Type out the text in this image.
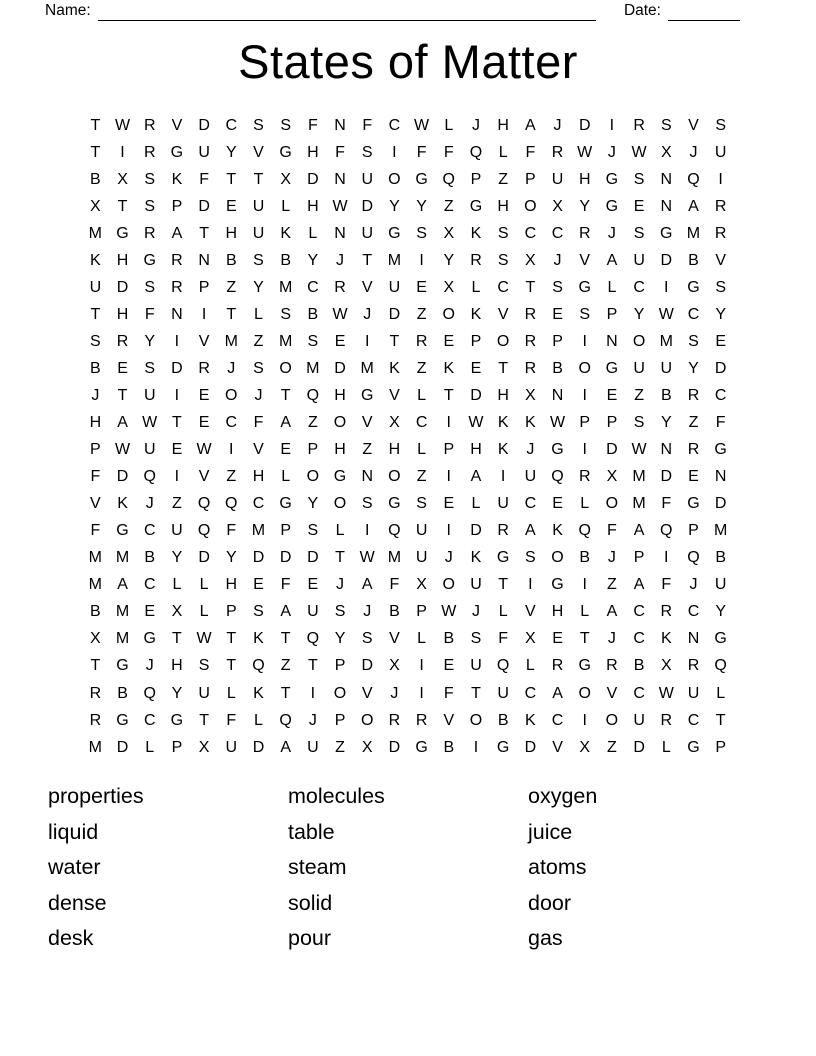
Name:	Date:
States of Matter
T W R	V	D C	S	S	F	N	F	C W L	J	H	A	J	D	I	R	S	V	S
T	I	R G U	Y	V G H	F	S	I	F	F	Q	L	F	R W J W X	J	U
B	X	S	K	F	T	T	X	D N U O G Q P	Z	P	U H G S	N Q	I
X	T	S	P	D	E	U	L	H W D	Y	Y	Z	G H O X	Y G E	N	A	R
M G R	A	T	H U	K	L	N U G S	X	K	S	C C R	J	S G M R
K	H G R N	B	S	B	Y	J	T M	I	Y	R	S	X	J	V	A	U D	B	V
U D	S	R	P	Z	Y M C R	V	U	E	X	L	C	T	S G	L	C	I	G S
T	H	F	N	I	T	L	S	B W J	D	Z	O K	V	R	E	S	P	Y W C	Y
S	R	Y	I	V M Z M S	E	I	T	R	E	P O R	P	I	N O M S	E
B	E	S	D R	J	S O M D M K	Z	K	E	T	R	B O G U U	Y	D
J	T	U	I	E O	J	T	Q H G V	L	T	D H	X	N	I	E	Z	B	R C
H	A W T	E	C	F	A	Z	O V	X	C	I	W K	K W P	P	S	Y	Z	F
P W U	E W	I	V	E	P	H	Z	H	L	P	H	K	J	G	I	D W N R G
F	D Q	I	V	Z	H	L	O G N O	Z	I	A	I	U Q R	X M D	E	N
V	K	J	Z	Q Q C G Y O S G S	E	L	U C	E	L	O M F	G D
F	G C U Q	F M P	S	L	I	Q U	I	D R	A	K Q	F	A Q P M
M M B	Y	D	Y	D D D	T W M U	J	K G S O B	J	P	I	Q B
M A	C	L	L	H	E	F	E	J	A	F	X O U	T	I	G	I	Z	A	F	J	U
B M E	X	L	P	S	A	U	S	J	B	P W J	L	V	H	L	A	C R C	Y
X M G	T W T	K	T	Q Y	S	V	L	B	S	F	X	E	T	J	C	K	N G
T	G	J	H	S	T	Q	Z	T	P	D	X	I	E	U Q	L	R G R	B	X	R Q
R	B Q Y	U	L	K	T	I	O V	J	I	F	T	U C	A O V	C W U	L
R G C G	T	F	L	Q	J	P O R R	V O B	K	C	I	O U R C	T
M D	L	P	X	U D	A	U	Z	X	D G B	I	G D	V	X	Z	D	L	G P
properties
liquid
water
dense
desk
molecules
table
steam
solid
pour
oxygen
juice
atoms
door
gas
